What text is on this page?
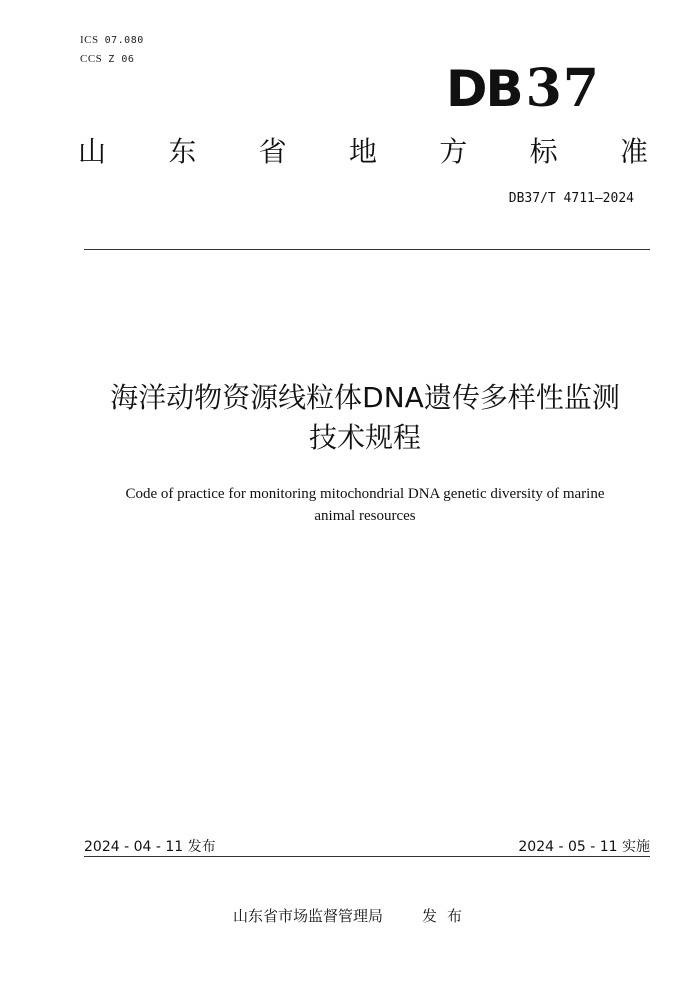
ICS 07.080
CCS Z 06
DB37
山 东 省 地 方 标 准
DB37/T 4711—2024
海洋动物资源线粒体DNA遗传多样性监测
技术规程
Code of practice for monitoring mitochondrial DNA genetic diversity of marine
animal resources
2024 - 04 - 11 发布	2024 - 05 - 11 实施
山东省市场监督管理局	发 布
